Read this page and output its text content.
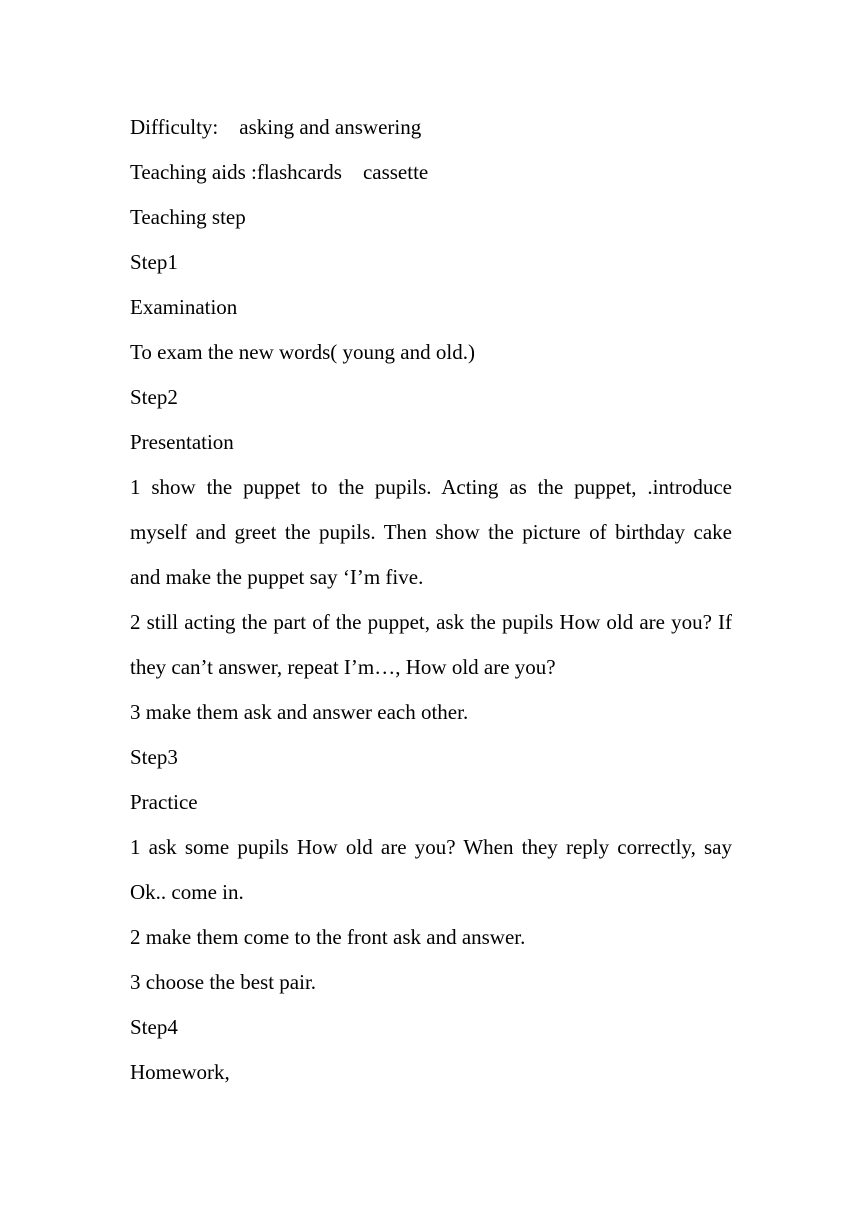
Difficulty:    asking and answering

Teaching aids :flashcards    cassette

Teaching step

Step1

Examination

To exam the new words( young and old.)

Step2

Presentation

1 show the puppet to the pupils. Acting as the puppet, .introduce myself and greet the pupils. Then show the picture of birthday cake and make the puppet say ‘I’m five.

2 still acting the part of the puppet, ask the pupils How old are you? If they can’t answer, repeat I’m…, How old are you?

3 make them ask and answer each other.

Step3

Practice

1 ask some pupils How old are you? When they reply correctly, say Ok.. come in.

2 make them come to the front ask and answer.

3 choose the best pair.

Step4

Homework,
